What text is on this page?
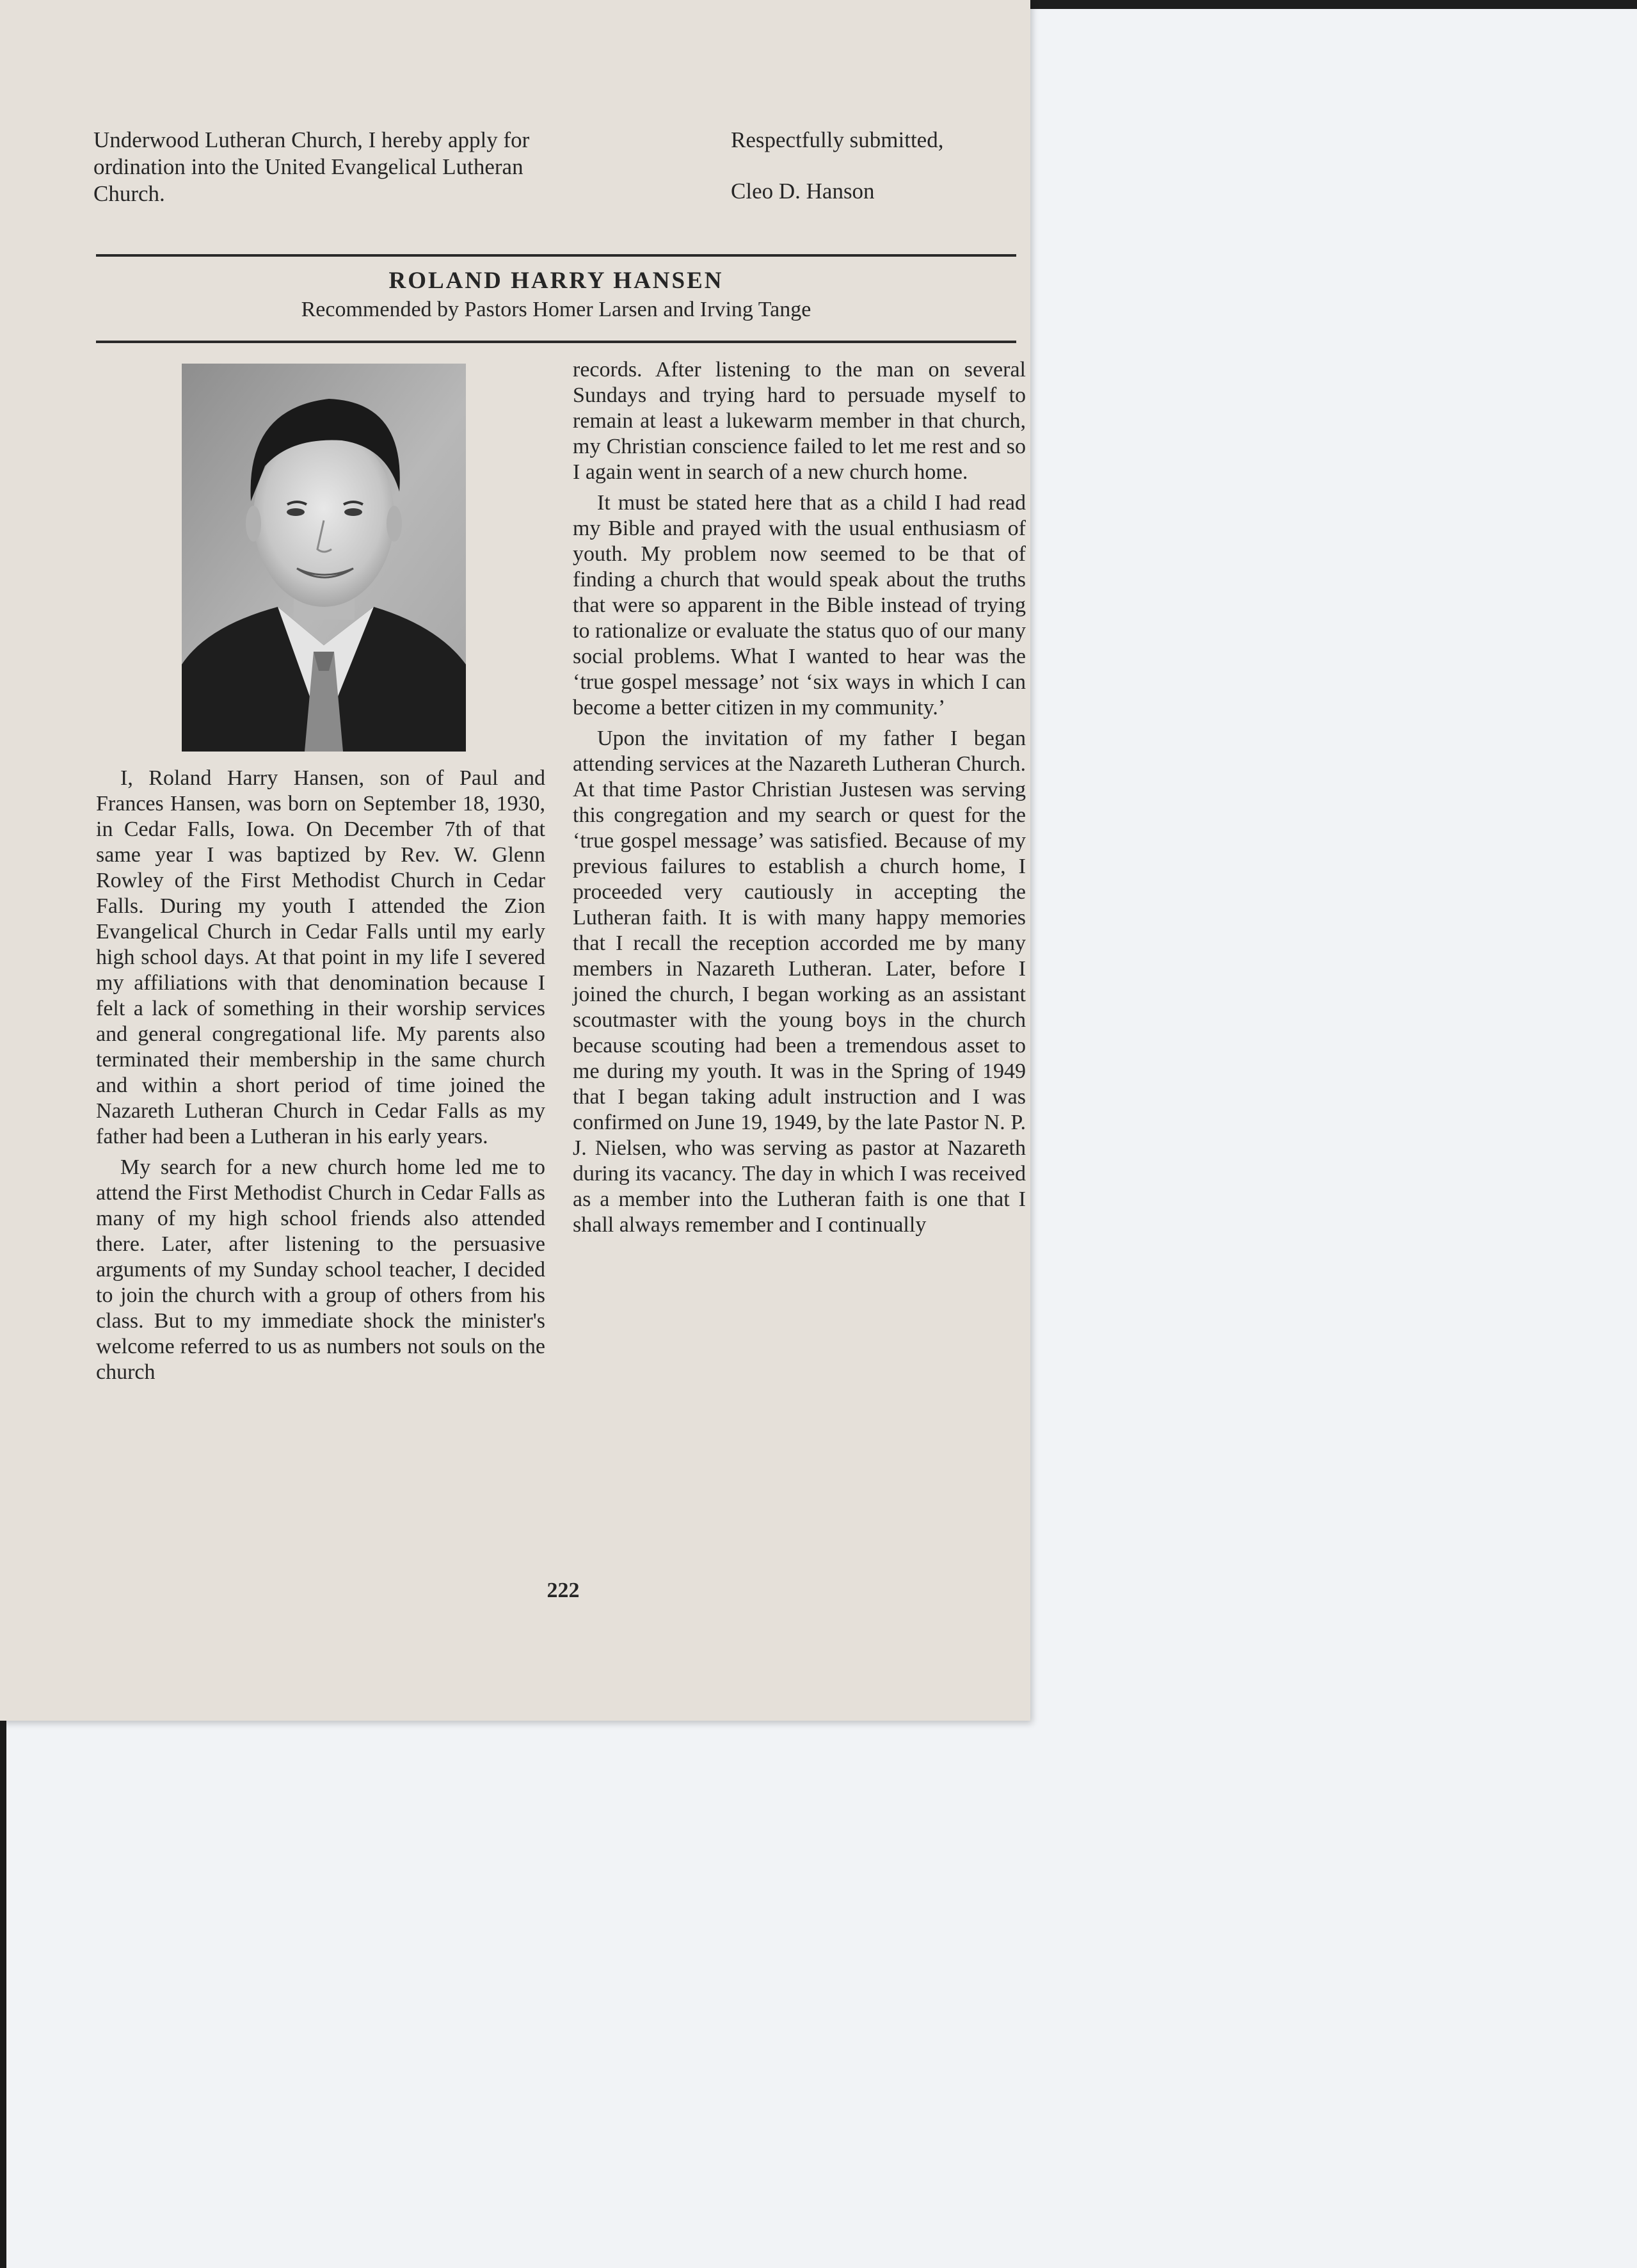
Underwood Lutheran Church, I hereby apply for ordination into the United Evangelical Lutheran Church.
Respectfully submitted,
Cleo D. Hanson
ROLAND HARRY HANSEN
Recommended by Pastors Homer Larsen and Irving Tange

I, Roland Harry Hansen, son of Paul and Frances Hansen, was born on September 18, 1930, in Cedar Falls, Iowa. On December 7th of that same year I was baptized by Rev. W. Glenn Rowley of the First Methodist Church in Cedar Falls. During my youth I attended the Zion Evangelical Church in Cedar Falls until my early high school days. At that point in my life I severed my affiliations with that denomination because I felt a lack of something in their worship services and general congregational life. My parents also terminated their membership in the same church and within a short period of time joined the Nazareth Lutheran Church in Cedar Falls as my father had been a Lutheran in his early years.

My search for a new church home led me to attend the First Methodist Church in Cedar Falls as many of my high school friends also attended there. Later, after listening to the persuasive arguments of my Sunday school teacher, I decided to join the church with a group of others from his class. But to my immediate shock the minister's welcome referred to us as numbers not souls on the church

records. After listening to the man on several Sundays and trying hard to persuade myself to remain at least a lukewarm member in that church, my Christian conscience failed to let me rest and so I again went in search of a new church home.

It must be stated here that as a child I had read my Bible and prayed with the usual enthusiasm of youth. My problem now seemed to be that of finding a church that would speak about the truths that were so apparent in the Bible instead of trying to rationalize or evaluate the status quo of our many social problems. What I wanted to hear was the ‘true gospel message’ not ‘six ways in which I can become a better citizen in my community.’

Upon the invitation of my father I began attending services at the Nazareth Lutheran Church. At that time Pastor Christian Justesen was serving this congregation and my search or quest for the ‘true gospel message’ was satisfied. Because of my previous failures to establish a church home, I proceeded very cautiously in accepting the Lutheran faith. It is with many happy memories that I recall the reception accorded me by many members in Nazareth Lutheran. Later, before I joined the church, I began working as an assistant scoutmaster with the young boys in the church because scouting had been a tremendous asset to me during my youth. It was in the Spring of 1949 that I began taking adult instruction and I was confirmed on June 19, 1949, by the late Pastor N. P. J. Nielsen, who was serving as pastor at Nazareth during its vacancy. The day in which I was received as a member into the Lutheran faith is one that I shall always remember and I continually

222
